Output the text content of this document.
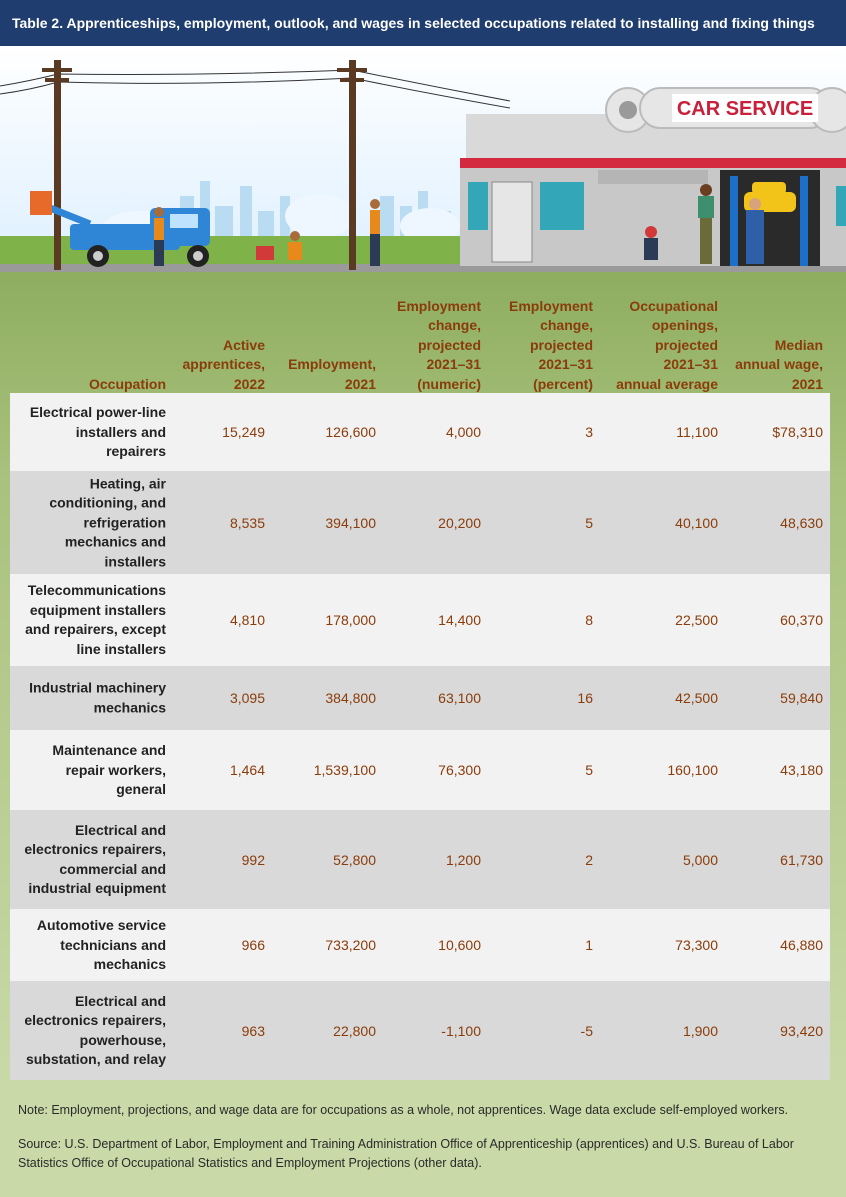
Table 2. Apprenticeships, employment, outlook, and wages in selected occupations related to installing and fixing things
CAR SERVICE
Occupation
Active
apprentices,
2022
Employment,
2021
Employment
change,
projected
2021–31
(numeric)
Employment
change,
projected
2021–31
(percent)
Occupational
openings,
projected
2021–31
annual average
Median
annual wage,
2021
Electrical power-line
installers and
repairers
15,249	126,600	4,000	3	11,100	$78,310
Heating, air
conditioning, and
refrigeration
mechanics and
installers
8,535	394,100	20,200	5	40,100	48,630
Telecommunications
equipment installers
and repairers, except
line installers
4,810	178,000	14,400	8	22,500	60,370
Industrial machinery
mechanics
3,095	384,800	63,100	16	42,500	59,840
Maintenance and
repair workers,
general
1,464	1,539,100	76,300	5	160,100	43,180
Electrical and
electronics repairers,
commercial and
industrial equipment
992	52,800	1,200	2	5,000	61,730
Automotive service
technicians and
mechanics
966	733,200	10,600	1	73,300	46,880
Electrical and
electronics repairers,
powerhouse,
substation, and relay
963	22,800	-1,100	-5	1,900	93,420

Note: Employment, projections, and wage data are for occupations as a whole, not apprentices. Wage data exclude self-employed workers.

Source: U.S. Department of Labor, Employment and Training Administration Office of Apprenticeship (apprentices) and U.S. Bureau of Labor Statistics Office of Occupational Statistics and Employment Projections (other data).
